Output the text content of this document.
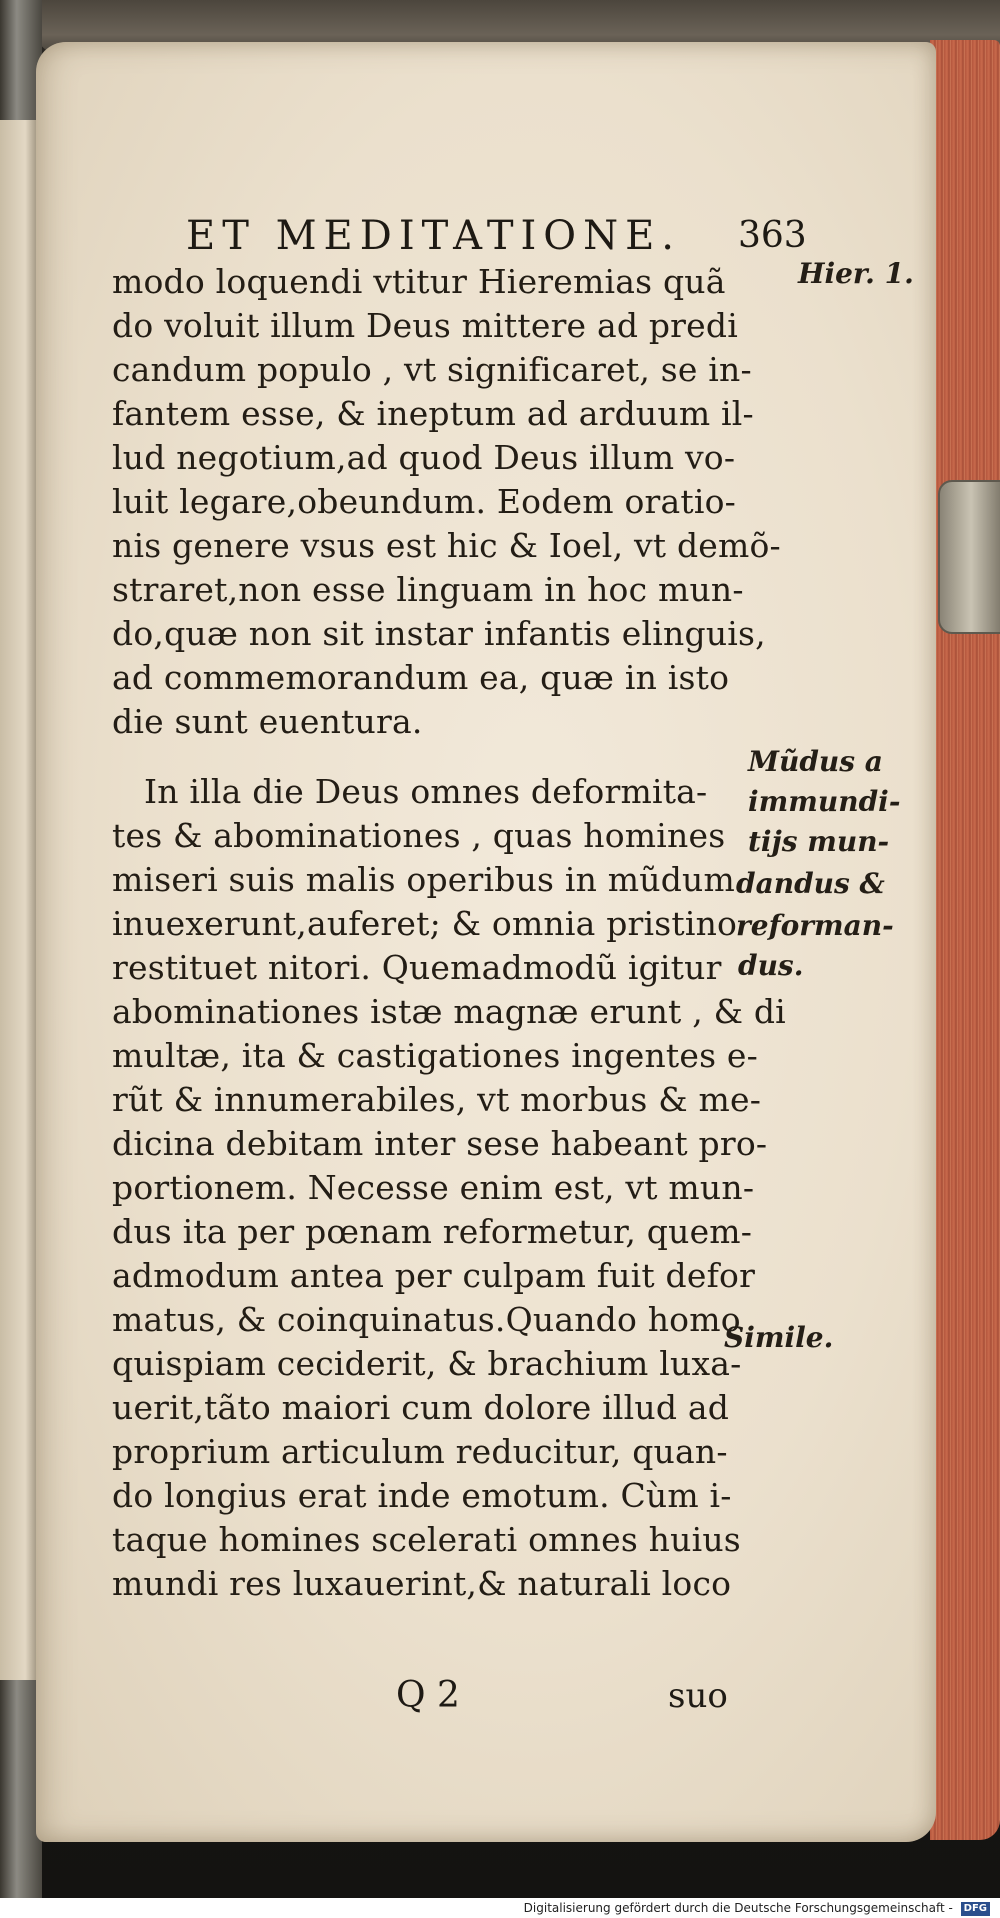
ET MEDITATIONE. 363
modo loquendi vtitur Hieremias quã
do voluit illum Deus mittere ad predi
candum populo , vt significaret, se in-
fantem esse, & ineptum ad arduum il-
lud negotium,ad quod Deus illum vo-
luit legare,obeundum. Eodem oratio-
nis genere vsus est hic & Ioel, vt demõ-
straret,non esse linguam in hoc mun-
do,quæ non sit instar infantis elinguis,
ad commemorandum ea, quæ in isto
die sunt euentura.
In illa die Deus omnes deformita-
tes & abominationes , quas homines
miseri suis malis operibus in mũdum
inuexerunt,auferet; & omnia pristino
restituet nitori. Quemadmodũ igitur
abominationes istæ magnæ erunt , & di
multæ, ita & castigationes ingentes e-
rũt & innumerabiles, vt morbus & me-
dicina debitam inter sese habeant pro-
portionem. Necesse enim est, vt mun-
dus ita per pœnam reformetur, quem-
admodum antea per culpam fuit defor
matus, & coinquinatus.Quando homo
quispiam ceciderit, & brachium luxa-
uerit,tãto maiori cum dolore illud ad
proprium articulum reducitur, quan-
do longius erat inde emotum. Cùm i-
taque homines scelerati omnes huius
mundi res luxauerint,& naturali loco
Hier. 1.
Mũdus a
immundi-
tijs mun-
dandus &
reforman-
dus.
Simile.
Q 2	suo
Digitalisierung gefördert durch die Deutsche Forschungsgemeinschaft - DFG
